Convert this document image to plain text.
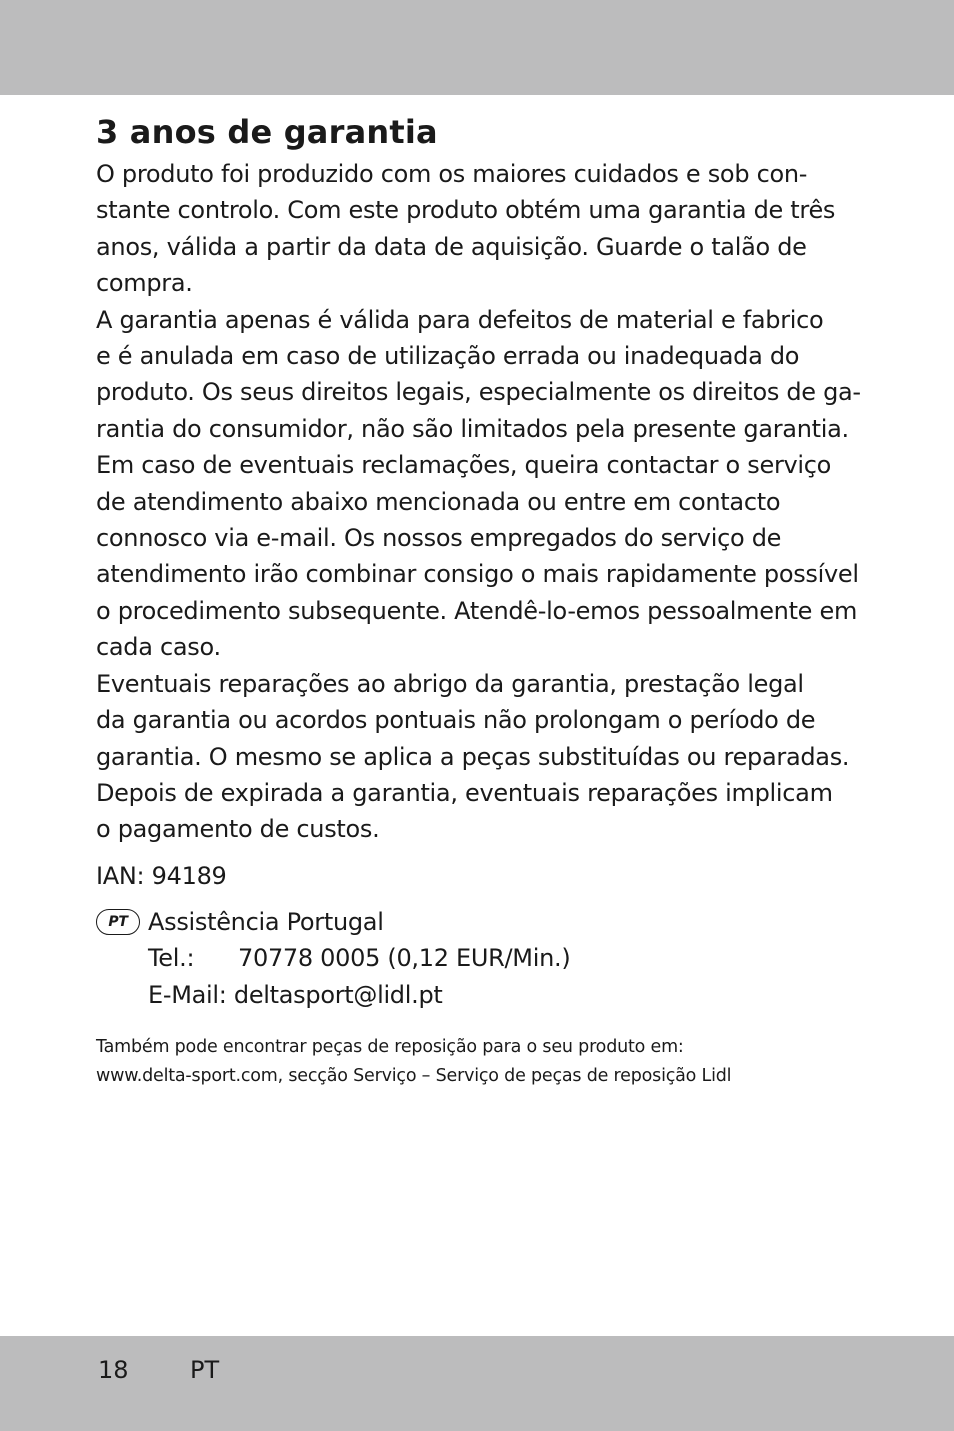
3 anos de garantia

O produto foi produzido com os maiores cuidados e sob con-
stante controlo. Com este produto obtém uma garantia de três
anos, válida a partir da data de aquisição. Guarde o talão de
compra.

A garantia apenas é válida para defeitos de material e fabrico
e é anulada em caso de utilização errada ou inadequada do
produto. Os seus direitos legais, especialmente os direitos de ga-
rantia do consumidor, não são limitados pela presente garantia.

Em caso de eventuais reclamações, queira contactar o serviço
de atendimento abaixo mencionada ou entre em contacto
connosco via e-mail. Os nossos empregados do serviço de
atendimento irão combinar consigo o mais rapidamente possível
o procedimento subsequente. Atendê-lo-emos pessoalmente em
cada caso.

Eventuais reparações ao abrigo da garantia, prestação legal
da garantia ou acordos pontuais não prolongam o período de
garantia. O mesmo se aplica a peças substituídas ou reparadas.
Depois de expirada a garantia, eventuais reparações implicam
o pagamento de custos.

IAN: 94189
PT Assistência Portugal
Tel.: 70778 0005 (0,12 EUR/Min.)
E-Mail: deltasport@lidl.pt
Também pode encontrar peças de reposição para o seu produto em:
www.delta-sport.com, secção Serviço – Serviço de peças de reposição Lidl
18	PT
